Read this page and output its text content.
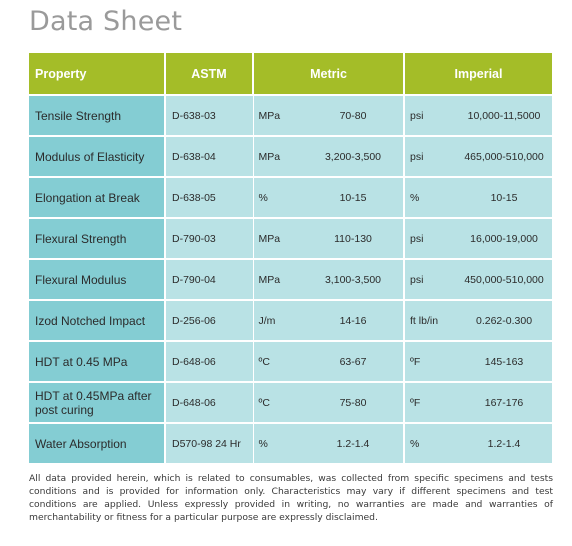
Data Sheet
Property	ASTM	Metric		Imperial	

Tensile Strength	D-638-03	MPa	70-80	psi	10,000-11,5000
Modulus of Elasticity	D-638-04	MPa	3,200-3,500	psi	465,000-510,000
Elongation at Break	D-638-05	%	10-15	%	10-15
Flexural Strength	D-790-03	MPa	110-130	psi	16,000-19,000
Flexural Modulus	D-790-04	MPa	3,100-3,500	psi	450,000-510,000
Izod Notched Impact	D-256-06	J/m	14-16	ft lb/in	0.262-0.300
HDT at 0.45 MPa	D-648-06	ºC	63-67	ºF	145-163
HDT at 0.45MPa after post curing	D-648-06	ºC	75-80	ºF	167-176
Water Absorption	D570-98 24 Hr	%	1.2-1.4	%	1.2-1.4
All data provided herein, which is related to consumables, was collected from specific specimens and tests conditions and is provided for information only. Characteristics may vary if different specimens and test conditions are applied. Unless expressly provided in writing, no warranties are made and warranties of merchantability or fitness for a particular purpose are expressly disclaimed.
